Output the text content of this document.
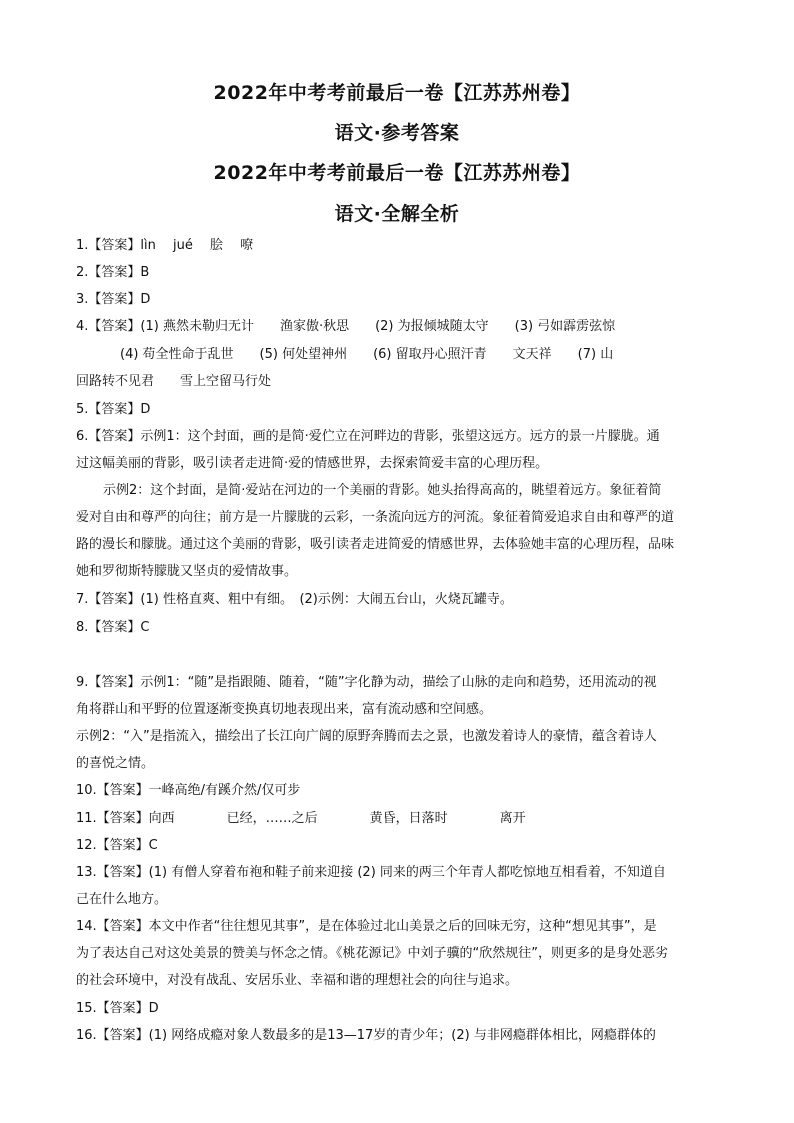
2022年中考考前最后一卷【江苏苏州卷】
语文·参考答案
2022年中考考前最后一卷【江苏苏州卷】
语文·全解全析
1.【答案】lìn　 jué　 脍　 嘹
2.【答案】B
3.【答案】D
4.【答案】(1) 燕然未勒归无计　　渔家傲·秋思　　(2) 为报倾城随太守　　(3) 弓如霹雳弦惊
(4) 苟全性命于乱世　　(5) 何处望神州　　(6) 留取丹心照汗青　　文天祥　　(7) 山
回路转不见君　　雪上空留马行处
5.【答案】D
6.【答案】示例1：这个封面，画的是简·爱伫立在河畔边的背影，张望这远方。远方的景一片朦胧。通
过这幅美丽的背影，吸引读者走进简·爱的情感世界，去探索简爱丰富的心理历程。
示例2：这个封面，是简·爱站在河边的一个美丽的背影。她头抬得高高的，眺望着远方。象征着简
爱对自由和尊严的向往；前方是一片朦胧的云彩，一条流向远方的河流。象征着简爱追求自由和尊严的道
路的漫长和朦胧。通过这个美丽的背影，吸引读者走进简爱的情感世界，去体验她丰富的心理历程，品味
她和罗彻斯特朦胧又坚贞的爱情故事。
7.【答案】(1) 性格直爽、粗中有细。　(2)示例：大闹五台山，火烧瓦罐寺。
8.【答案】C
9.【答案】示例1：“随”是指跟随、随着，“随”字化静为动，描绘了山脉的走向和趋势，还用流动的视
角将群山和平野的位置逐渐变换真切地表现出来，富有流动感和空间感。
示例2：“入”是指流入，描绘出了长江向广阔的原野奔腾而去之景，也激发着诗人的豪情，蕴含着诗人
的喜悦之情。
10.【答案】一峰高绝/有蹊介然/仅可步
11.【答案】向西　　　　已经，……之后　　　　黄昏，日落时　　　　离开
12.【答案】C
13.【答案】(1) 有僧人穿着布袍和鞋子前来迎接 (2) 同来的两三个年青人都吃惊地互相看着，不知道自
己在什么地方。
14.【答案】本文中作者“往往想见其事”，是在体验过北山美景之后的回味无穷，这种“想见其事”，是
为了表达自己对这处美景的赞美与怀念之情。《桃花源记》中刘子骥的“欣然规往”，则更多的是身处恶劣
的社会环境中，对没有战乱、安居乐业、幸福和谐的理想社会的向往与追求。
15.【答案】D
16.【答案】(1) 网络成瘾对象人数最多的是13—17岁的青少年；(2) 与非网瘾群体相比，网瘾群体的
